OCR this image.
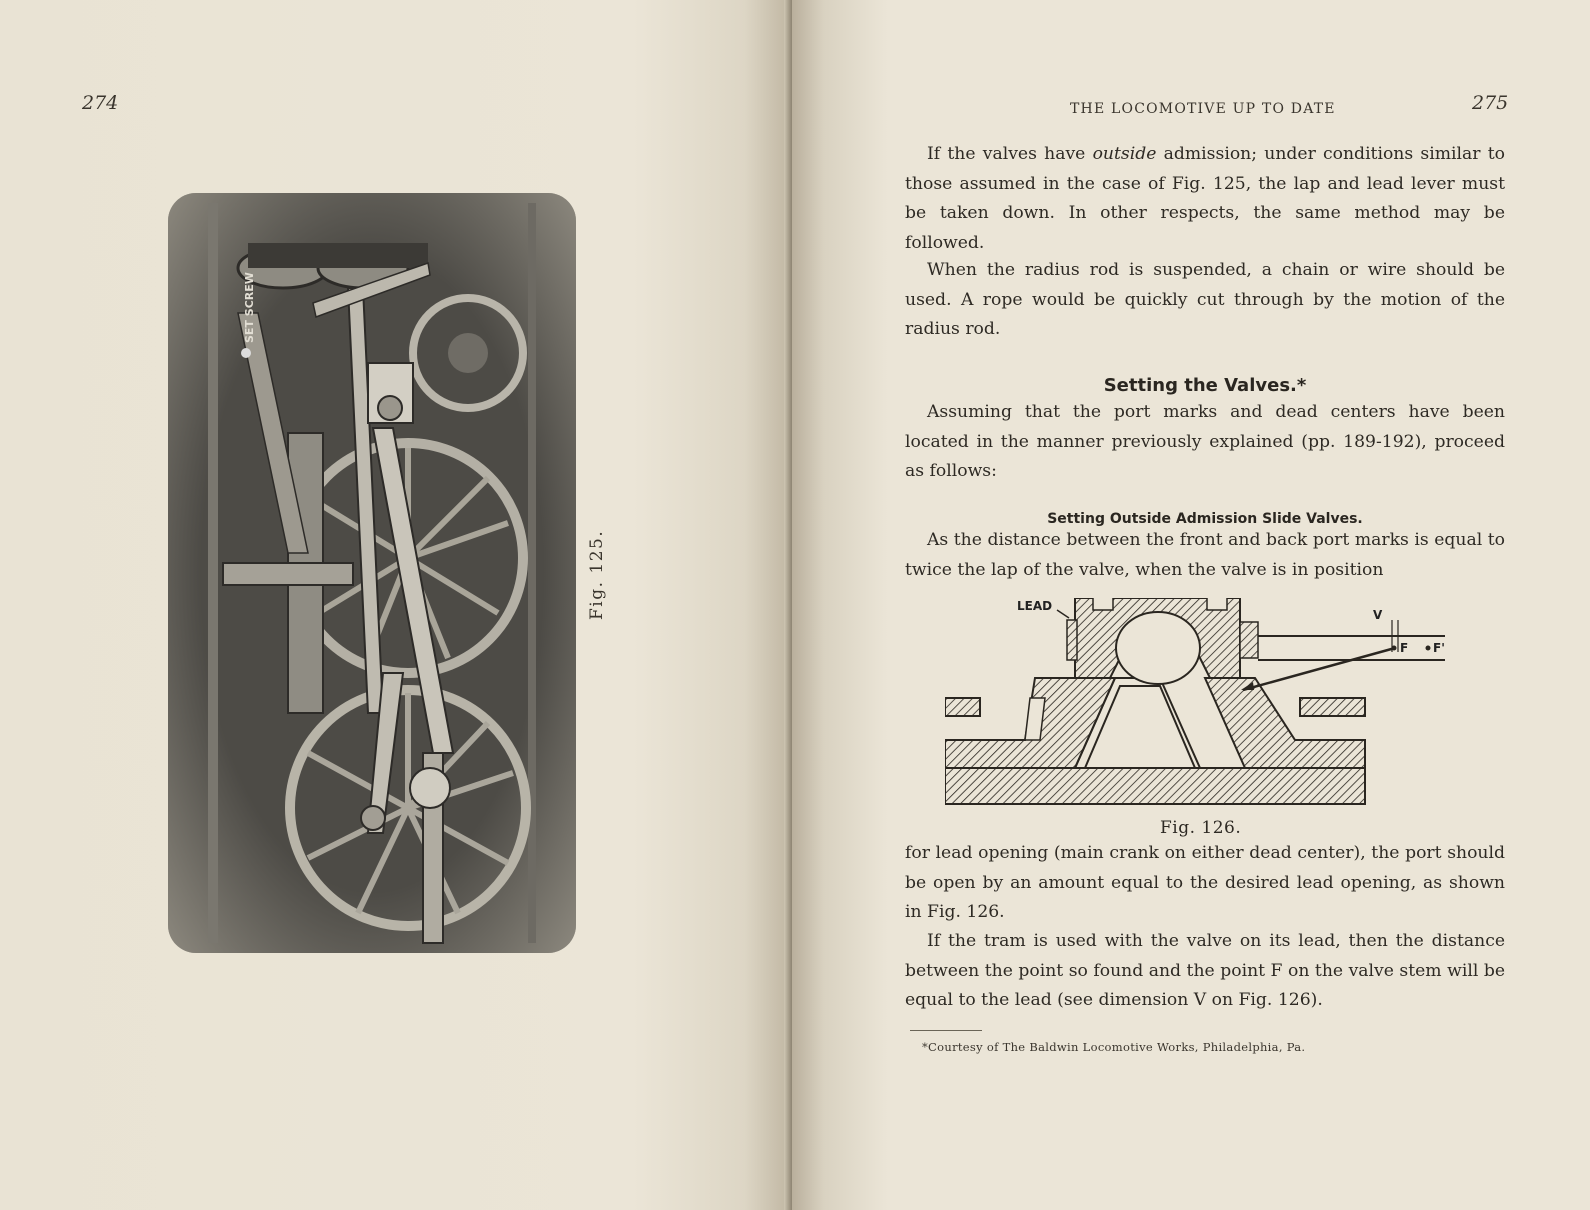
274
SET SCREW
Fig. 125.
THE LOCOMOTIVE UP TO DATE	275

If the valves have outside admission; under conditions similar to those assumed in the case of Fig. 125, the lap and lead lever must be taken down. In other respects, the same method may be followed.

When the radius rod is suspended, a chain or wire should be used. A rope would be quickly cut through by the motion of the radius rod.

Setting the Valves.*

Assuming that the port marks and dead centers have been located in the manner previously explained (pp. 189-192), proceed as follows:

Setting Outside Admission Slide Valves.

As the distance between the front and back port marks is equal to twice the lap of the valve, when the valve is in position

LEAD
V
F F'
Fig. 126.

for lead opening (main crank on either dead center), the port should be open by an amount equal to the desired lead opening, as shown in Fig. 126.

If the tram is used with the valve on its lead, then the distance between the point so found and the point F on the valve stem will be equal to the lead (see dimension V on Fig. 126).

*Courtesy of The Baldwin Locomotive Works, Philadelphia, Pa.
